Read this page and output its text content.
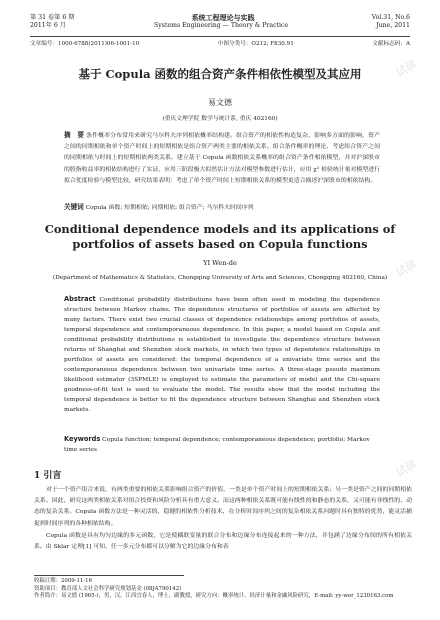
第 31 卷第 6 期	系统工程理论与实践	Vol.31, No.6
2011年 6 月	Systems Engineering — Theory & Practice	June, 2011
文章编号：1000-6788(2011)06-1001-10	中图分类号：O212; F830.91	文献标志码：A
基于 Copula 函数的组合资产条件相依性模型及其应用
易文德
(重庆文理学院 数学与统计系, 重庆 402160)
摘　要 条件概率分布常用来研究马尔科夫序列相依概率结构建。组合资产的相依性构造复杂，影响多方面的影响，资产之间的同期相依和单个资产时间上的短期相依是组合资产两类主要的相依关系。组合条件概率的理论，考虑组合资产之间的同期相依与时间上的短期相依两类关系，建立基于 Copula 函数相依关系概率的组合资产条件相依模型，并对沪深股市的股指收益率的相依结构进行了实证。应用三阶段极大似然估计方法对模型参数进行估计，应用 χ² 检验统计量对模型进行拟合优度检验与模型比较，研究结果表明：考虑了单个资产时间上短期相依关系的模型更适合描述沪深股市的相依结构。
关键词 Copula 函数; 短期相依; 同期相依; 组合资产; 马尔科夫时间序列
Conditional dependence models and its applications of portfolios of assets based on Copula functions
YI Wen-de
(Department of Mathematics & Statistics, Chongqing University of Arts and Sciences, Chongqing 402160, China)
Abstract Conditional probability distributions have been often used in modeling the dependence structure between Markov chains. The dependence structures of portfolios of assets are affected by many factors. There exist two crucial classes of dependence relationships among portfolios of assets, temporal dependence and contemporaneous dependence. In this paper, a model based on Copula and conditional probability distributions is established to investigate the dependence structure between returns of Shanghai and Shenzhen stock markets, in which two types of dependence relationships in portfolios of assets are considered: the temporal dependence of a univariate time series and the contemporaneous dependence between two univariate time series. A three-stage pseudo maximum likelihood estimator (3SPMLE) is employed to estimate the parameters of model and the Chi-square goodness-of-fit test is used to evaluate the model. The results show that the model including the temporal dependence is better to fit the dependence structure between Shanghai and Shenzhen stock markets.
Keywords Copula function; temporal dependence; contemporaneous dependence; portfolio; Markov time series
1 引言

对于一个资产组合来说，有两类重要的相依关系影响组合资产的价值，一类是单个资产时间上的短期相依关系；另一类是资产之间的同期相依关系。因此，研究这两类相依关系对组合投资和风险分析具有重大意义。而这两种相依关系既可能有线性的和静态的关系，又可能有非线性的、动态的复杂关系。Copula 函数方法是一种灵活的、稳健的相依性分析技术，在分析时间序列之间的复杂相依关系问题时具有独特的优势，能灵活捕捉到时间序列的各种相依结构。

Copula 函数是具有均匀边缘的多元函数，它是使耦联变量的联合分布和边缘分布连接起来的一种方法，并包涵了边缘分布间的所有相依关系。由 Sklar 定理[1] 可知，任一多元分布都可以分解为它的边缘分布和表

收稿日期：2009-11-16
资助项目：教育部人文社会科学研究规划基金 (08JA790142)
作者简介：易文德 (1965-)，男，汉，江西宜春人，博士，副教授，研究方向：概率统计、经济计量和金融风险研究，E-mail: yy-wer_1230163.com
试读
试读
试读
